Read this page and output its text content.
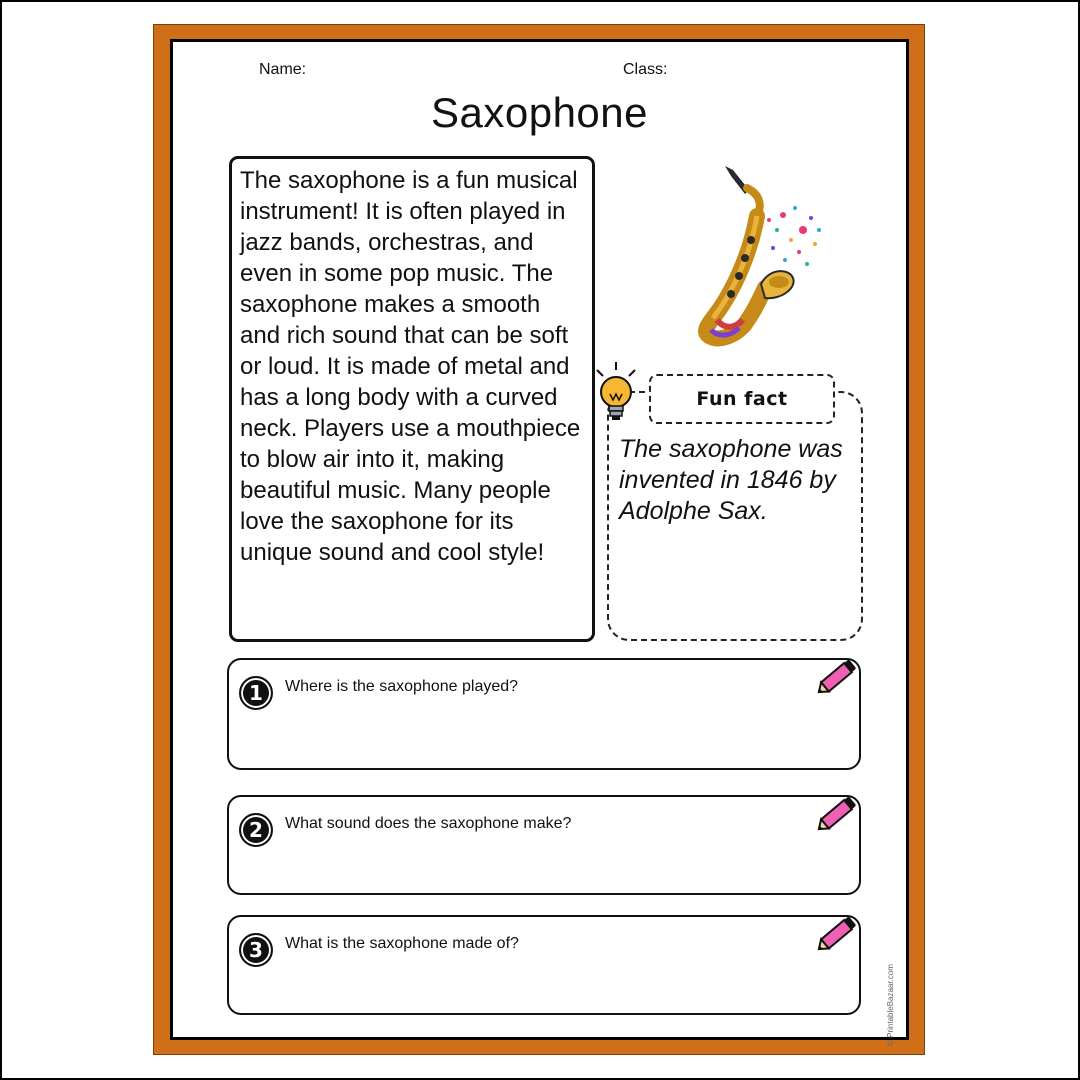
Name:	Class:
Saxophone

The saxophone is a fun musical instrument! It is often played in jazz bands, orchestras, and even in some pop music. The saxophone makes a smooth and rich sound that can be soft or loud. It is made of metal and has a long body with a curved neck. Players use a mouthpiece to blow air into it, making beautiful music. Many people love the saxophone for its unique sound and cool style!

Fun fact
The saxophone was invented in 1846 by Adolphe Sax.
1	Where is the saxophone played?
2	What sound does the saxophone make?
3	What is the saxophone made of?
© PrintableBazaar.com
